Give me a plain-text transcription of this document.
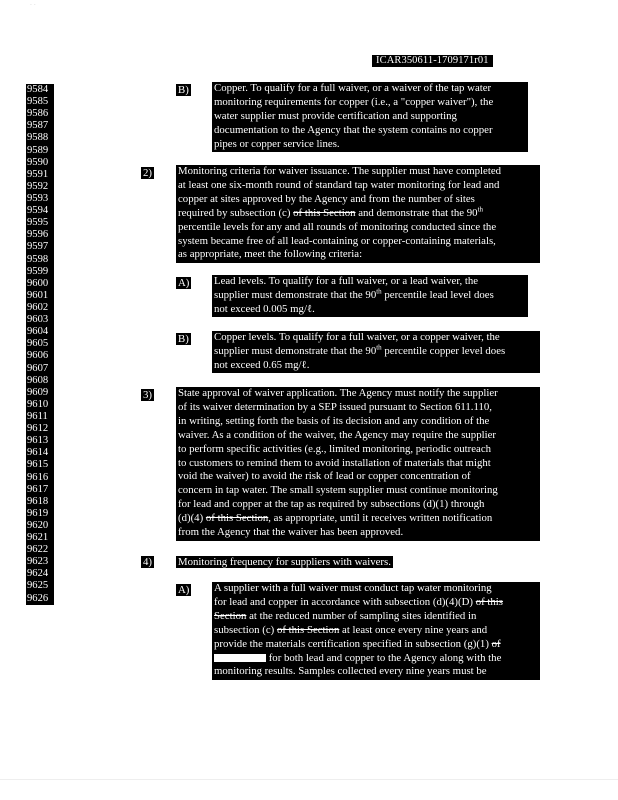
· ·
ICAR350611-1709171r01
9584
9585
9586
9587
9588
9589
9590
9591
9592
9593
9594
9595
9596
9597
9598
9599
9600
9601
9602
9603
9604
9605
9606
9607
9608
9609
9610
9611
9612
9613
9614
9615
9616
9617
9618
9619
9620
9621
9622
9623
9624
9625
9626
B) Copper. To qualify for a full waiver, or a waiver of the tap water
monitoring requirements for copper (i.e., a "copper waiver"), the
water supplier must provide certification and supporting
documentation to the Agency that the system contains no copper
pipes or copper service lines.
2) Monitoring criteria for waiver issuance. The supplier must have completed
at least one six-month round of standard tap water monitoring for lead and
copper at sites approved by the Agency and from the number of sites
required by subsection (c) of this Section and demonstrate that the 90th
percentile levels for any and all rounds of monitoring conducted since the
system became free of all lead-containing or copper-containing materials,
as appropriate, meet the following criteria:
A) Lead levels. To qualify for a full waiver, or a lead waiver, the
supplier must demonstrate that the 90th percentile lead level does
not exceed 0.005 mg/ℓ.
B) Copper levels. To qualify for a full waiver, or a copper waiver, the
supplier must demonstrate that the 90th percentile copper level does
not exceed 0.65 mg/ℓ.
3) State approval of waiver application. The Agency must notify the supplier
of its waiver determination by a SEP issued pursuant to Section 611.110,
in writing, setting forth the basis of its decision and any condition of the
waiver. As a condition of the waiver, the Agency may require the supplier
to perform specific activities (e.g., limited monitoring, periodic outreach
to customers to remind them to avoid installation of materials that might
void the waiver) to avoid the risk of lead or copper concentration of
concern in tap water. The small system supplier must continue monitoring
for lead and copper at the tap as required by subsections (d)(1) through
(d)(4) of this Section, as appropriate, until it receives written notification
from the Agency that the waiver has been approved.
4) Monitoring frequency for suppliers with waivers.
A) A supplier with a full waiver must conduct tap water monitoring
for lead and copper in accordance with subsection (d)(4)(D) of this
Section at the reduced number of sampling sites identified in
subsection (c) of this Section at least once every nine years and
provide the materials certification specified in subsection (g)(1) of
for both lead and copper to the Agency along with the
monitoring results. Samples collected every nine years must be
